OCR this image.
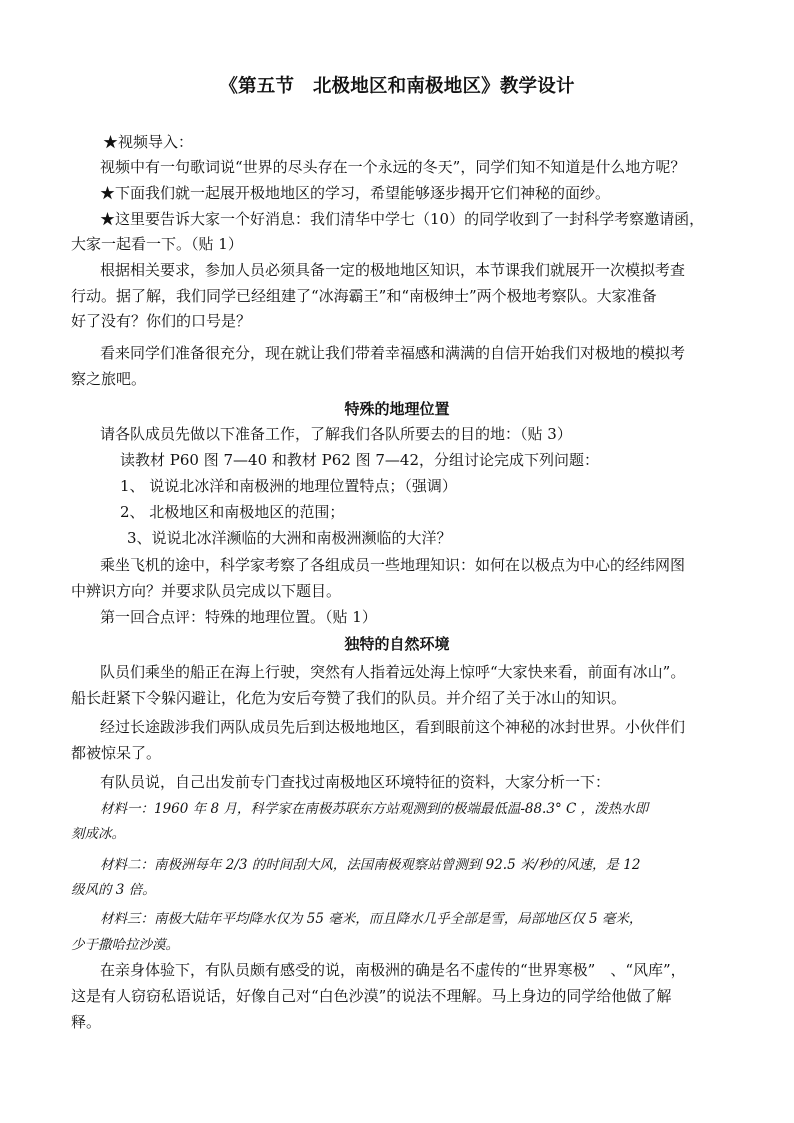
《第五节　北极地区和南极地区》教学设计
★视频导入：
视频中有一句歌词说“世界的尽头存在一个永远的冬天”，同学们知不知道是什么地方呢？
★下面我们就一起展开极地地区的学习，希望能够逐步揭开它们神秘的面纱。
★这里要告诉大家一个好消息：我们清华中学七（10）的同学收到了一封科学考察邀请函，
大家一起看一下。（贴 1）
根据相关要求，参加人员必须具备一定的极地地区知识，本节课我们就展开一次模拟考查
行动。据了解，我们同学已经组建了“冰海霸王”和“南极绅士”两个极地考察队。大家准备
好了没有？你们的口号是？
看来同学们准备很充分，现在就让我们带着幸福感和满满的自信开始我们对极地的模拟考
察之旅吧。
特殊的地理位置
请各队成员先做以下准备工作，了解我们各队所要去的目的地：（贴 3）
读教材 P60 图 7—40 和教材 P62 图 7—42，分组讨论完成下列问题：
1、 说说北冰洋和南极洲的地理位置特点；（强调）
2、 北极地区和南极地区的范围；
3、说说北冰洋濒临的大洲和南极洲濒临的大洋？
乘坐飞机的途中，科学家考察了各组成员一些地理知识：如何在以极点为中心的经纬网图
中辨识方向？并要求队员完成以下题目。
第一回合点评：特殊的地理位置。（贴 1）
独特的自然环境
队员们乘坐的船正在海上行驶，突然有人指着远处海上惊呼“大家快来看，前面有冰山”。
船长赶紧下令躲闪避让，化危为安后夸赞了我们的队员。并介绍了关于冰山的知识。
经过长途跋涉我们两队成员先后到达极地地区，看到眼前这个神秘的冰封世界。小伙伴们
都被惊呆了。
有队员说，自己出发前专门查找过南极地区环境特征的资料，大家分析一下：
材料一：1960 年 8 月，科学家在南极苏联东方站观测到的极端最低温-88.3° C ，泼热水即
刻成冰。
材料二：南极洲每年 2/3 的时间刮大风，法国南极观察站曾测到 92.5 米/秒的风速，是 12
级风的 3 倍。
材料三：南极大陆年平均降水仅为 55 毫米，而且降水几乎全部是雪，局部地区仅 5 毫米，
少于撒哈拉沙漠。
在亲身体验下，有队员颇有感受的说，南极洲的确是名不虚传的“世界寒极”　、“风库”，
这是有人窃窃私语说话，好像自己对“白色沙漠”的说法不理解。马上身边的同学给他做了解
释。
